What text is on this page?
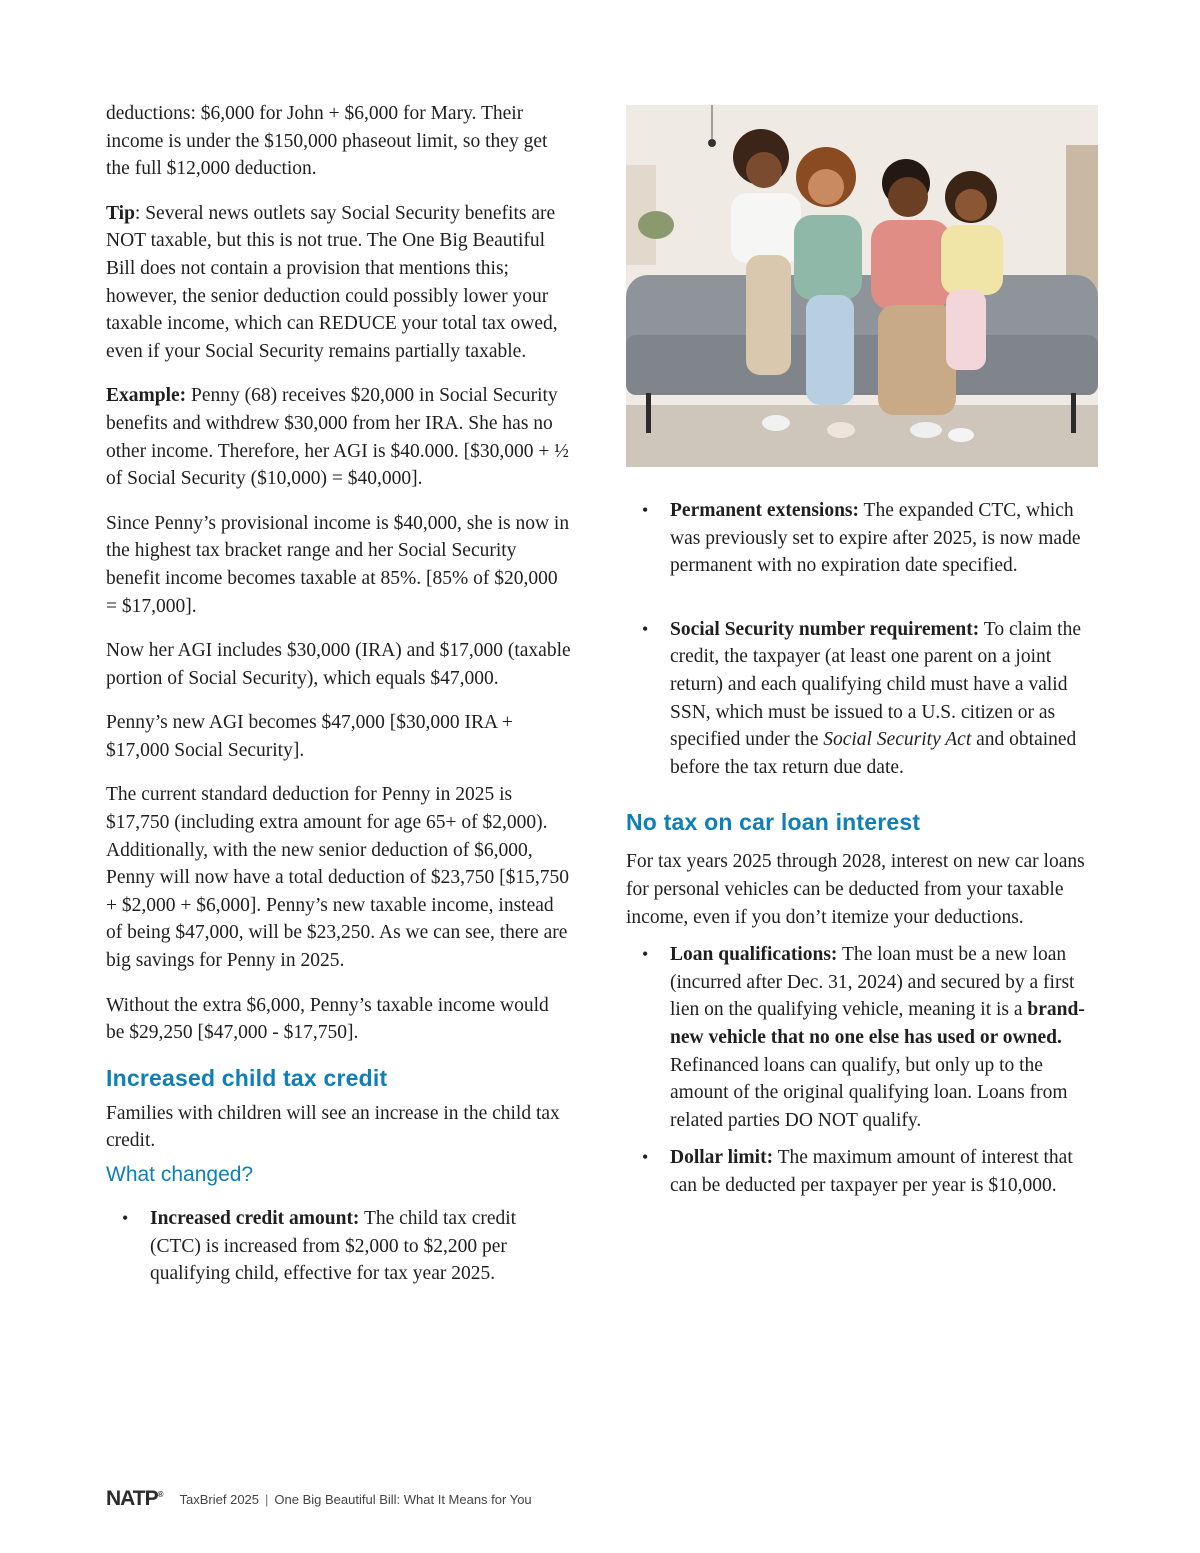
deductions: $6,000 for John + $6,000 for Mary. Their income is under the $150,000 phaseout limit, so they get the full $12,000 deduction.

Tip: Several news outlets say Social Security benefits are NOT taxable, but this is not true. The One Big Beautiful Bill does not contain a provision that mentions this; however, the senior deduction could possibly lower your taxable income, which can REDUCE your total tax owed, even if your Social Security remains partially taxable.

Example: Penny (68) receives $20,000 in Social Security benefits and withdrew $30,000 from her IRA. She has no other income. Therefore, her AGI is $40.000. [$30,000 + ½ of Social Security ($10,000) = $40,000].

Since Penny’s provisional income is $40,000, she is now in the highest tax bracket range and her Social Security benefit income becomes taxable at 85%. [85% of $20,000 = $17,000].

Now her AGI includes $30,000 (IRA) and $17,000 (taxable portion of Social Security), which equals $47,000.

Penny’s new AGI becomes $47,000 [$30,000 IRA + $17,000 Social Security].

The current standard deduction for Penny in 2025 is $17,750 (including extra amount for age 65+ of $2,000). Additionally, with the new senior deduction of $6,000, Penny will now have a total deduction of $23,750 [$15,750 + $2,000 + $6,000]. Penny’s new taxable income, instead of being $47,000, will be $23,250. As we can see, there are big savings for Penny in 2025.

Without the extra $6,000, Penny’s taxable income would be $29,250 [$47,000 - $17,750].

Increased child tax credit

Families with children will see an increase in the child tax credit.

What changed?
• Increased credit amount: The child tax credit (CTC) is increased from $2,000 to $2,200 per qualifying child, effective for tax year 2025.
• Permanent extensions: The expanded CTC, which was previously set to expire after 2025, is now made permanent with no expiration date specified.
• Social Security number requirement: To claim the credit, the taxpayer (at least one parent on a joint return) and each qualifying child must have a valid SSN, which must be issued to a U.S. citizen or as specified under the Social Security Act and obtained before the tax return due date.
No tax on car loan interest

For tax years 2025 through 2028, interest on new car loans for personal vehicles can be deducted from your taxable income, even if you don’t itemize your deductions.

• Loan qualifications: The loan must be a new loan (incurred after Dec. 31, 2024) and secured by a first lien on the qualifying vehicle, meaning it is a brand-new vehicle that no one else has used or owned. Refinanced loans can qualify, but only up to the amount of the original qualifying loan. Loans from related parties DO NOT qualify.
• Dollar limit: The maximum amount of interest that can be deducted per taxpayer per year is $10,000.
NATP® TaxBrief 2025 | One Big Beautiful Bill: What It Means for You
